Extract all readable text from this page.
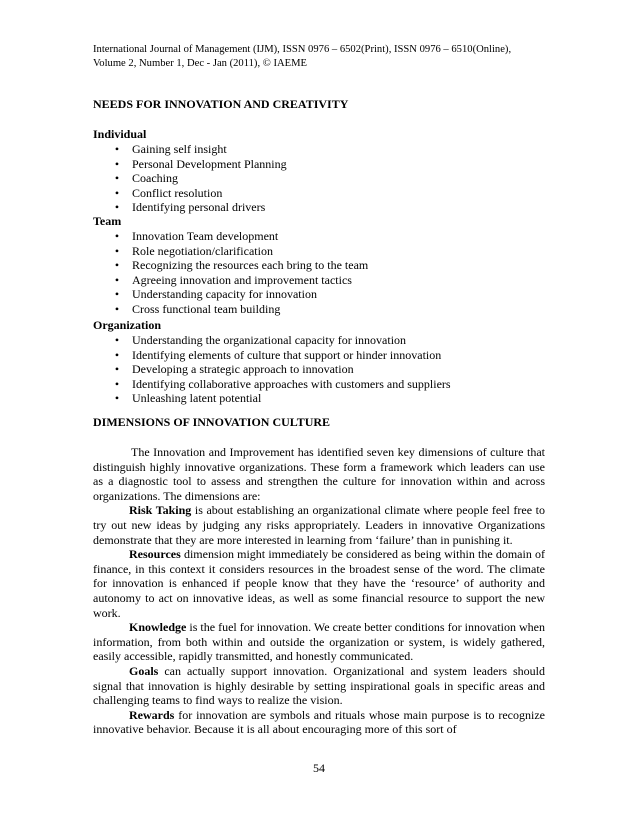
International Journal of Management (IJM), ISSN 0976 – 6502(Print), ISSN 0976 – 6510(Online),
Volume 2, Number 1, Dec - Jan (2011), © IAEME
NEEDS FOR INNOVATION AND CREATIVITY
Individual
• Gaining self insight
• Personal Development Planning
• Coaching
• Conflict resolution
• Identifying personal drivers
Team
• Innovation Team development
• Role negotiation/clarification
• Recognizing the resources each bring to the team
• Agreeing innovation and improvement tactics
• Understanding capacity for innovation
• Cross functional team building
Organization
• Understanding the organizational capacity for innovation
• Identifying elements of culture that support or hinder innovation
• Developing a strategic approach to innovation
• Identifying collaborative approaches with customers and suppliers
• Unleashing latent potential
DIMENSIONS OF INNOVATION CULTURE

The Innovation and Improvement has identified seven key dimensions of culture that distinguish highly innovative organizations. These form a framework which leaders can use as a diagnostic tool to assess and strengthen the culture for innovation within and across organizations. The dimensions are:

Risk Taking is about establishing an organizational climate where people feel free to try out new ideas by judging any risks appropriately. Leaders in innovative Organizations demonstrate that they are more interested in learning from ‘failure’ than in punishing it.

Resources dimension might immediately be considered as being within the domain of finance, in this context it considers resources in the broadest sense of the word. The climate for innovation is enhanced if people know that they have the ‘resource’ of authority and autonomy to act on innovative ideas, as well as some financial resource to support the new work.

Knowledge is the fuel for innovation. We create better conditions for innovation when information, from both within and outside the organization or system, is widely gathered, easily accessible, rapidly transmitted, and honestly communicated.

Goals can actually support innovation. Organizational and system leaders should signal that innovation is highly desirable by setting inspirational goals in specific areas and challenging teams to find ways to realize the vision.

Rewards for innovation are symbols and rituals whose main purpose is to recognize innovative behavior. Because it is all about encouraging more of this sort of

54
